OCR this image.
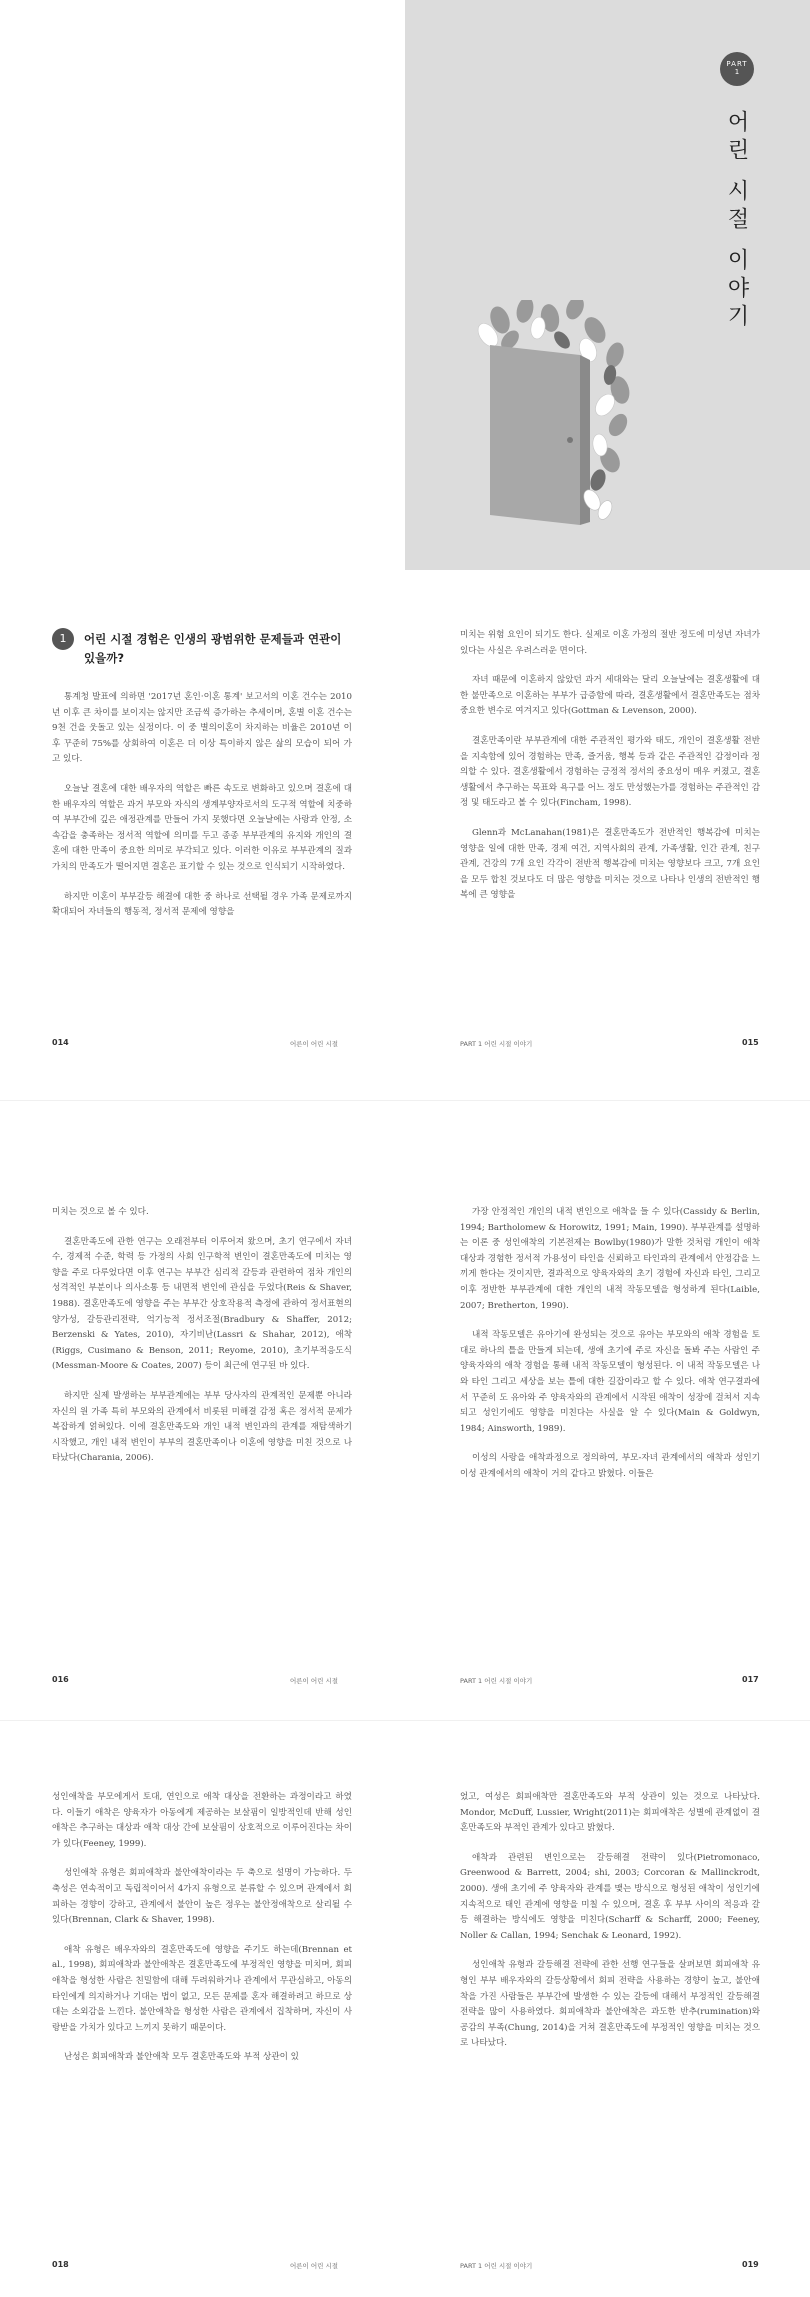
PART
1
어린 시절 이야기
1	어린 시절 경험은 인생의 광범위한 문제들과 연관이 있을까?

통계청 발표에 의하면 '2017년 혼인·이혼 통계' 보고서의 이혼 건수는 2010년 이후 큰 차이를 보이지는 않지만 조금씩 증가하는 추세이며, 혼별 이혼 건수는 9천 건을 웃돌고 있는 실정이다. 이 중 별의이혼이 차지하는 비율은 2010년 이후 꾸준히 75%를 상회하여 이혼은 더 이상 특이하지 않은 삶의 모습이 되어 가고 있다.

오늘날 결혼에 대한 배우자의 역할은 빠른 속도로 변화하고 있으며 결혼에 대한 배우자의 역할은 과거 부모와 자식의 생계부양자로서의 도구적 역할에 치중하여 부부간에 깊은 애정관계를 만들어 가지 못했다면 오늘날에는 사랑과 안정, 소속감을 충족하는 정서적 역할에 의미를 두고 종종 부부관계의 유지와 개인의 결혼에 대한 만족이 중요한 의미로 부각되고 있다. 이러한 이유로 부부관계의 질과 가치의 만족도가 떨어지면 결혼은 표기할 수 있는 것으로 인식되기 시작하였다.

하지만 이혼이 부부갈등 해결에 대한 중 하나로 선택될 경우 가족 문제로까지 확대되어 자녀들의 행동적, 정서적 문제에 영향을

미치는 위험 요인이 되기도 한다. 실제로 이혼 가정의 절반 정도에 미성년 자녀가 있다는 사실은 우려스러운 면이다.

자녀 때문에 이혼하지 않았던 과거 세대와는 달리 오늘날에는 결혼생활에 대한 불만족으로 이혼하는 부부가 급증함에 따라, 결혼생활에서 결혼만족도는 점차 중요한 변수로 여겨지고 있다(Gottman & Levenson, 2000).

결혼만족이란 부부관계에 대한 주관적인 평가와 태도, 개인이 결혼생활 전반을 지속함에 있어 경험하는 만족, 즐거움, 행복 등과 같은 주관적인 감정이라 정의할 수 있다. 결혼생활에서 경험하는 긍정적 정서의 중요성이 매우 커졌고, 결혼생활에서 추구하는 목표와 욕구를 어느 정도 만성했는가를 경험하는 주관적인 감정 및 태도라고 볼 수 있다(Fincham, 1998).

Glenn과 McLanahan(1981)은 결혼만족도가 전반적인 행복감에 미치는 영향을 일에 대한 만족, 경제 여건, 지역사회의 관계, 가족생활, 인간 관계, 친구 관계, 건강의 7개 요인 각각이 전반적 행복감에 미치는 영향보다 크고, 7개 요인을 모두 합친 것보다도 더 많은 영향을 미치는 것으로 나타나 인생의 전반적인 행복에 큰 영향을

014	어른이 어린 시절	PART 1 어린 시절 이야기	015

미치는 것으로 볼 수 있다.

결혼만족도에 관한 연구는 오래전부터 이루어져 왔으며, 초기 연구에서 자녀수, 경제적 수준, 학력 등 가정의 사회 인구학적 변인이 결혼만족도에 미치는 영향을 주로 다루었다면 이후 연구는 부부간 심리적 갈등과 관련하여 점차 개인의 성격적인 부분이나 의사소통 등 내면적 변인에 관심을 두었다(Reis & Shaver, 1988). 결혼만족도에 영향을 주는 부부간 상호작용적 측정에 관하여 정서표현의 양가성, 갈등관리전략, 억기능적 정서조절(Bradbury & Shaffer, 2012; Berzenski & Yates, 2010), 자기비난(Lassri & Shahar, 2012), 애착(Riggs, Cusimano & Benson, 2011; Reyome, 2010), 초기부적응도식(Messman-Moore & Coates, 2007) 등이 최근에 연구된 바 있다.

하지만 실제 발생하는 부부관계에는 부부 당사자의 관계적인 문제뿐 아니라 자신의 원 가족 특히 부모와의 관계에서 비롯된 미해결 감정 혹은 정서적 문제가 복잡하게 얽혀있다. 이에 결혼만족도와 개인 내적 변인과의 관계를 재탐색하기 시작했고, 개인 내적 변인이 부부의 결혼만족이나 이혼에 영향을 미친 것으로 나타났다(Charania, 2006).

가장 안정적인 개인의 내적 변인으로 애착을 들 수 있다(Cassidy & Berlin, 1994; Bartholomew & Horowitz, 1991; Main, 1990). 부부관계를 설명하는 이론 중 성인애착의 기본전제는 Bowlby(1980)가 말한 것처럼 개인이 애착 대상과 경험한 정서적 가용성이 타인을 신뢰하고 타인과의 관계에서 안정감을 느끼게 한다는 것이지만, 결과적으로 양육자와의 초기 경험에 자신과 타인, 그리고 이후 정반한 부부관계에 대한 개인의 내적 작동모델을 형성하게 된다(Laible, 2007; Bretherton, 1990).

내적 작동모델은 유아기에 완성되는 것으로 유아는 부모와의 애착 경험을 토대로 하나의 틀을 만들게 되는데, 생애 초기에 주로 자신을 돌봐 주는 사람인 주 양육자와의 애착 경험을 통해 내적 작동모델이 형성된다. 이 내적 작동모델은 나와 타인 그리고 세상을 보는 틀에 대한 길잡이라고 할 수 있다. 애착 연구결과에서 꾸준히 도 유아와 주 양육자와의 관계에서 시작된 애착이 성장에 걸쳐서 지속되고 성인기에도 영향을 미친다는 사실을 알 수 있다(Main & Goldwyn, 1984; Ainsworth, 1989).

이성의 사랑을 애착과정으로 정의하여, 부모-자녀 관계에서의 애착과 성인기 이성 관계에서의 애착이 거의 같다고 밝혔다. 이들은

016	어른이 어린 시절	PART 1 어린 시절 이야기	017

성인애착을 부모에게서 토대, 연인으로 애착 대상을 전환하는 과정이라고 하였다. 이들기 애착은 양육자가 아동에게 제공하는 보살핌이 일방적인데 반해 성인애착은 추구하는 대상과 애착 대상 간에 보살핌이 상호적으로 이루어진다는 차이가 있다(Feeney, 1999).

성인애착 유형은 회피애착과 불안애착이라는 두 축으로 설명이 가능하다. 두 축성은 연속적이고 독립적이어서 4가지 유형으로 분류할 수 있으며 관계에서 회피하는 경향이 강하고, 관계에서 불안이 높은 정우는 불안정애착으로 살리될 수 있다(Brennan, Clark & Shaver, 1998).

애착 유형은 배우자와의 결혼만족도에 영향을 주기도 하는데(Brennan et al., 1998), 회피애착과 불안애착은 결혼만족도에 부정적인 영향을 미치며, 회피애착을 형성한 사람은 친밀함에 대해 두려워하거나 관계에서 무관심하고, 아동의 타인에게 의지하거나 기대는 법이 없고, 모든 문제를 혼자 해결하려고 하므로 상대는 소외감을 느낀다. 불안애착을 형성한 사람은 관계에서 집착하며, 자신이 사랑받을 가치가 있다고 느끼지 못하기 때문이다.

난성은 회피애착과 불안애착 모두 결혼만족도와 부적 상관이 있

었고, 여성은 회피애착만 결혼만족도와 부적 상관이 있는 것으로 나타났다. Mondor, McDuff, Lussier, Wright(2011)는 회피애착은 성별에 관계없이 결혼만족도와 부적인 관계가 있다고 밝혔다.

애착과 관련된 변인으로는 갈등해결 전략이 있다(Pietromonaco, Greenwood & Barrett, 2004; shi, 2003; Corcoran & Mallinckrodt, 2000). 생애 초기에 주 양육자와 관계를 맺는 방식으로 형성된 애착이 성인기에 지속적으로 태인 관계에 영향을 미칠 수 있으며, 결혼 후 부부 사이의 적응과 갈등 해결하는 방식에도 영향을 미친다(Scharff & Scharff, 2000; Feeney, Noller & Callan, 1994; Senchak & Leonard, 1992).

성인애착 유형과 갈등해결 전략에 관한 선행 연구들을 살펴보면 회피애착 유형인 부부 배우자와의 갈등상황에서 회피 전략을 사용하는 경향이 높고, 불안애착을 가진 사람들은 부부간에 발생한 수 있는 갈등에 대해서 부정적인 갈등해결 전략을 많이 사용하였다. 회피애착과 불안애착은 과도한 반추(rumination)와 공감의 부족(Chung, 2014)을 거쳐 결혼만족도에 부정적인 영향을 미치는 것으로 나타났다.

018	어른이 어린 시절	PART 1 어린 시절 이야기	019
